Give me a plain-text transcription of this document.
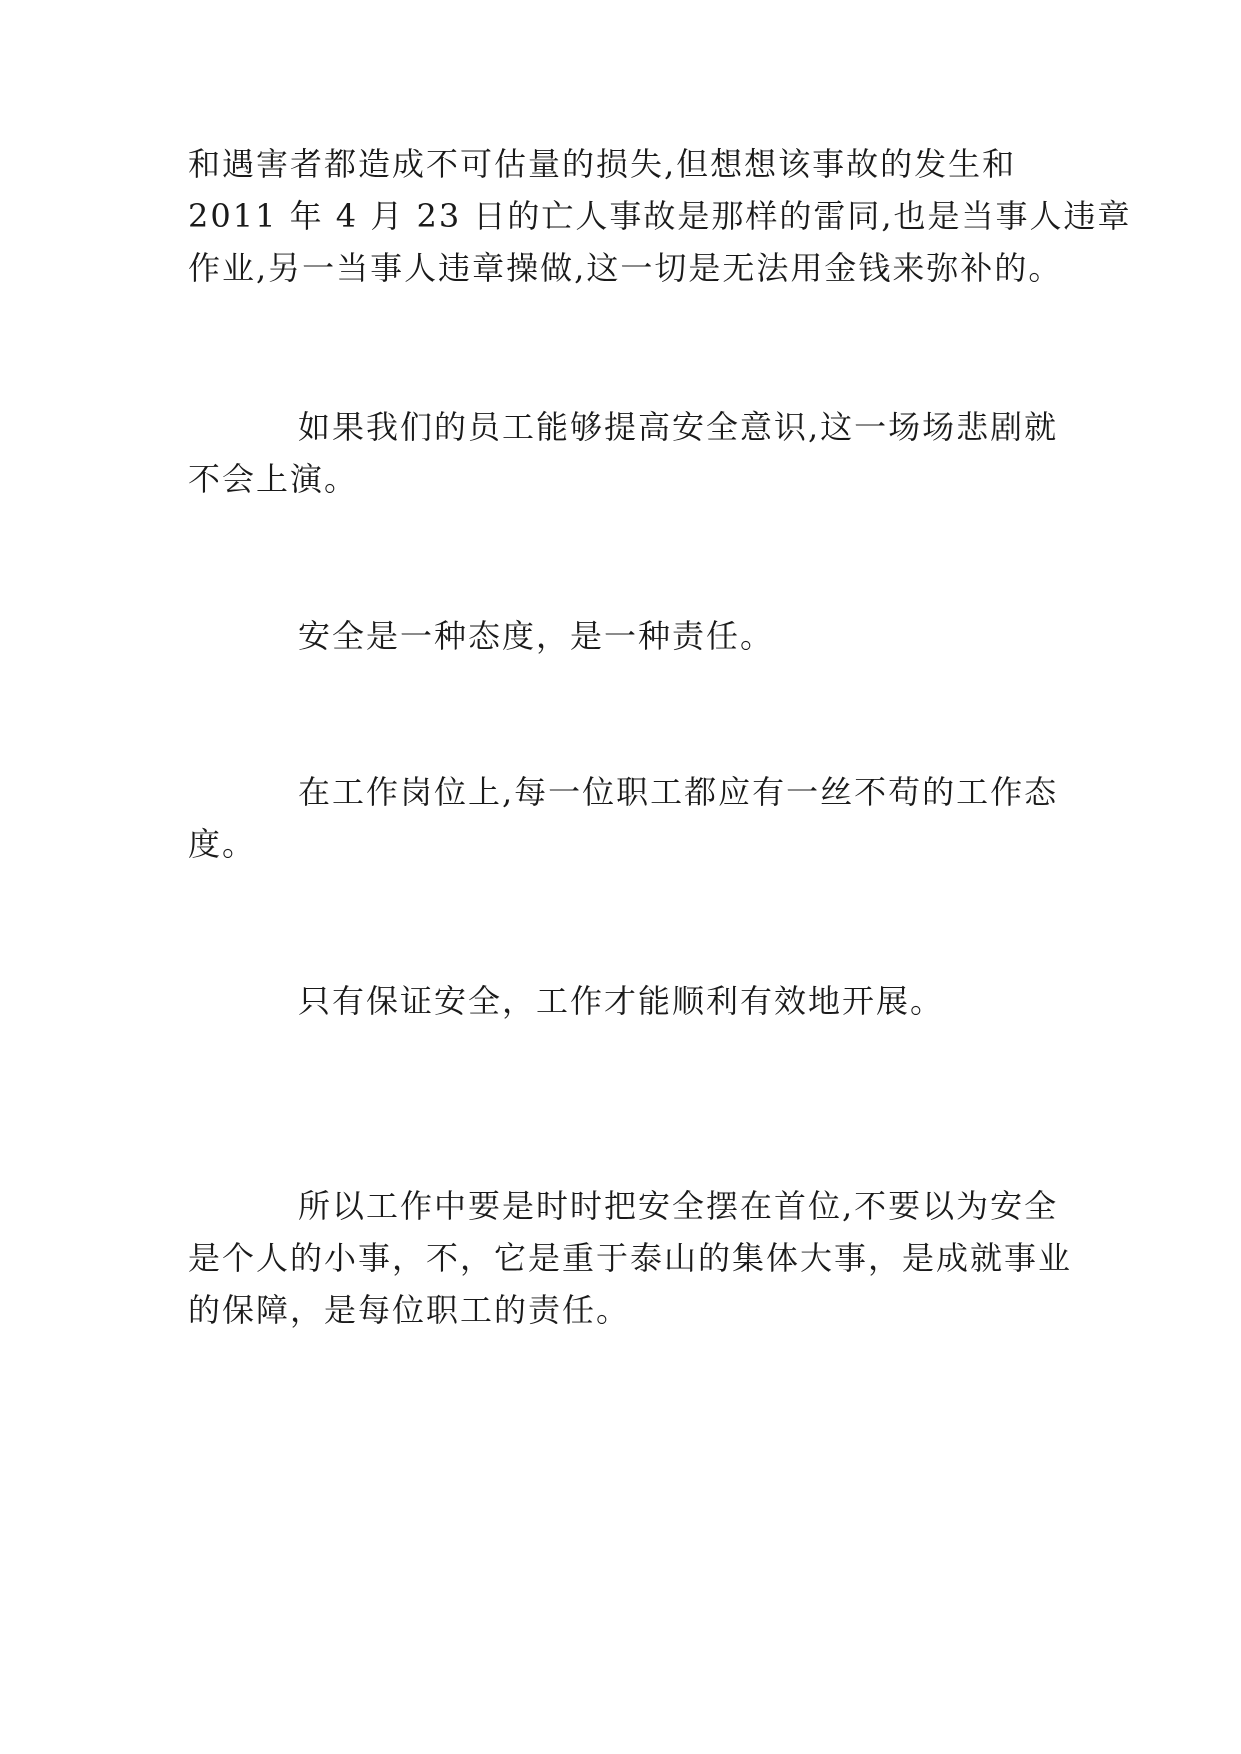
和遇害者都造成不可估量的损失,但想想该事故的发生和
2011 年 4 月 23 日的亡人事故是那样的雷同,也是当事人违章
作业,另一当事人违章操做,这一切是无法用金钱来弥补的。

如果我们的员工能够提高安全意识,这一场场悲剧就
不会上演。

安全是一种态度，是一种责任。

在工作岗位上,每一位职工都应有一丝不苟的工作态
度。

只有保证安全，工作才能顺利有效地开展。

所以工作中要是时时把安全摆在首位,不要以为安全
是个人的小事，不，它是重于泰山的集体大事，是成就事业
的保障，是每位职工的责任。
